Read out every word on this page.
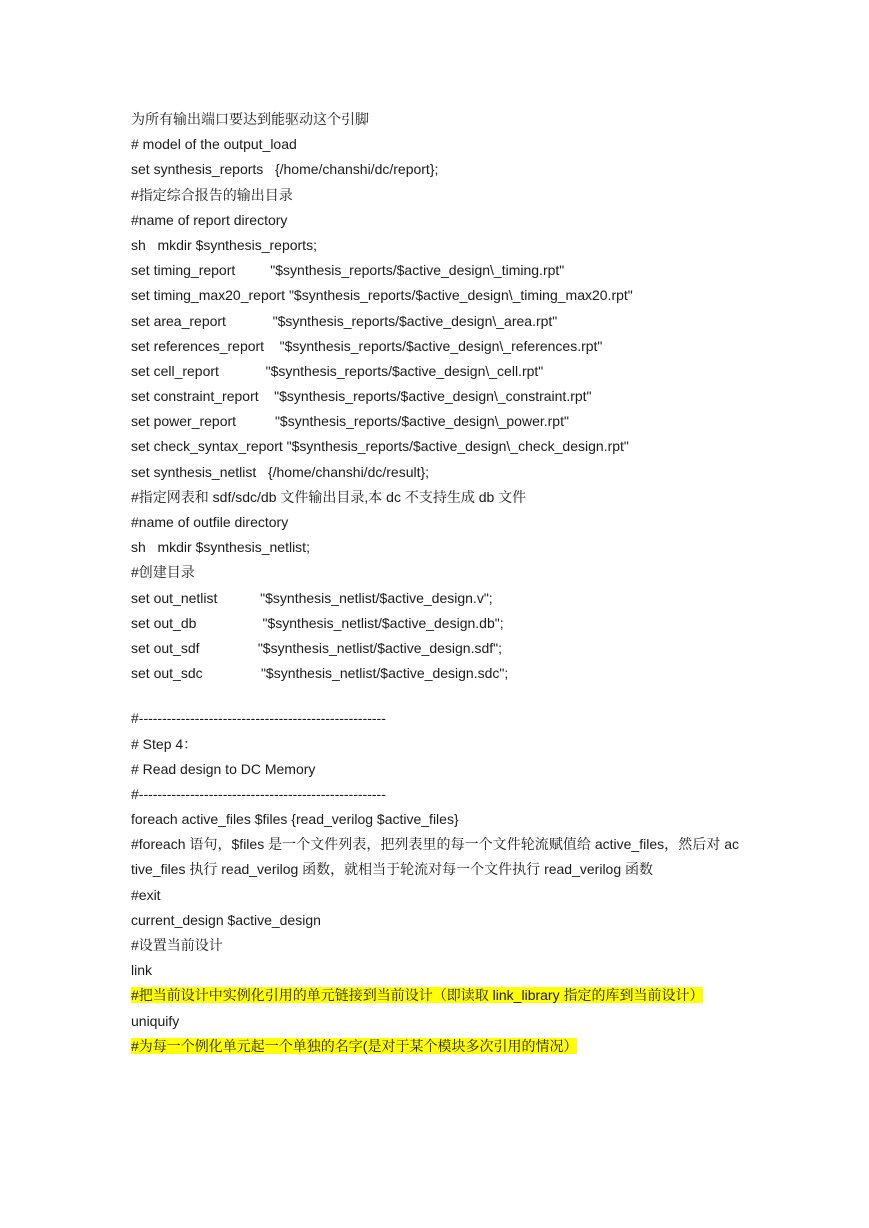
为所有输出端口要达到能驱动这个引脚
# model of the output_load
set synthesis_reports   {/home/chanshi/dc/report};
#指定综合报告的输出目录
#name of report directory
sh   mkdir $synthesis_reports;
set timing_report         "$synthesis_reports/$active_design\_timing.rpt"
set timing_max20_report "$synthesis_reports/$active_design\_timing_max20.rpt"
set area_report            "$synthesis_reports/$active_design\_area.rpt"
set references_report    "$synthesis_reports/$active_design\_references.rpt"
set cell_report            "$synthesis_reports/$active_design\_cell.rpt"
set constraint_report    "$synthesis_reports/$active_design\_constraint.rpt"
set power_report          "$synthesis_reports/$active_design\_power.rpt"
set check_syntax_report "$synthesis_reports/$active_design\_check_design.rpt"
set synthesis_netlist   {/home/chanshi/dc/result};
#指定网表和 sdf/sdc/db 文件输出目录,本 dc 不支持生成 db 文件
#name of outfile directory
sh   mkdir $synthesis_netlist;
#创建目录
set out_netlist           "$synthesis_netlist/$active_design.v";
set out_db                 "$synthesis_netlist/$active_design.db";
set out_sdf               "$synthesis_netlist/$active_design.sdf";
set out_sdc               "$synthesis_netlist/$active_design.sdc";
#-----------------------------------------------------
# Step 4：
# Read design to DC Memory
#-----------------------------------------------------
foreach active_files $files {read_verilog $active_files}
#foreach 语句，$files 是一个文件列表，把列表里的每一个文件轮流赋值给 active_files，然后对 active_files 执行 read_verilog 函数，就相当于轮流对每一个文件执行 read_verilog 函数
#exit
current_design $active_design
#设置当前设计
link
#把当前设计中实例化引用的单元链接到当前设计（即读取 link_library 指定的库到当前设计）
uniquify
#为每一个例化单元起一个单独的名字(是对于某个模块多次引用的情况）
